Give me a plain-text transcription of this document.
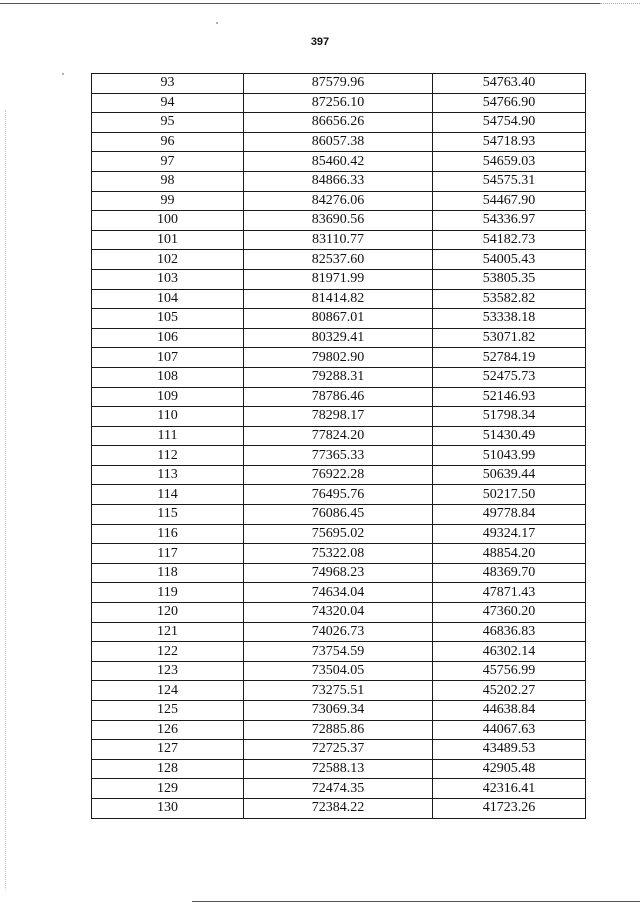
397
93	87579.96	54763.40
94	87256.10	54766.90
95	86656.26	54754.90
96	86057.38	54718.93
97	85460.42	54659.03
98	84866.33	54575.31
99	84276.06	54467.90
100	83690.56	54336.97
101	83110.77	54182.73
102	82537.60	54005.43
103	81971.99	53805.35
104	81414.82	53582.82
105	80867.01	53338.18
106	80329.41	53071.82
107	79802.90	52784.19
108	79288.31	52475.73
109	78786.46	52146.93
110	78298.17	51798.34
111	77824.20	51430.49
112	77365.33	51043.99
113	76922.28	50639.44
114	76495.76	50217.50
115	76086.45	49778.84
116	75695.02	49324.17
117	75322.08	48854.20
118	74968.23	48369.70
119	74634.04	47871.43
120	74320.04	47360.20
121	74026.73	46836.83
122	73754.59	46302.14
123	73504.05	45756.99
124	73275.51	45202.27
125	73069.34	44638.84
126	72885.86	44067.63
127	72725.37	43489.53
128	72588.13	42905.48
129	72474.35	42316.41
130	72384.22	41723.26
